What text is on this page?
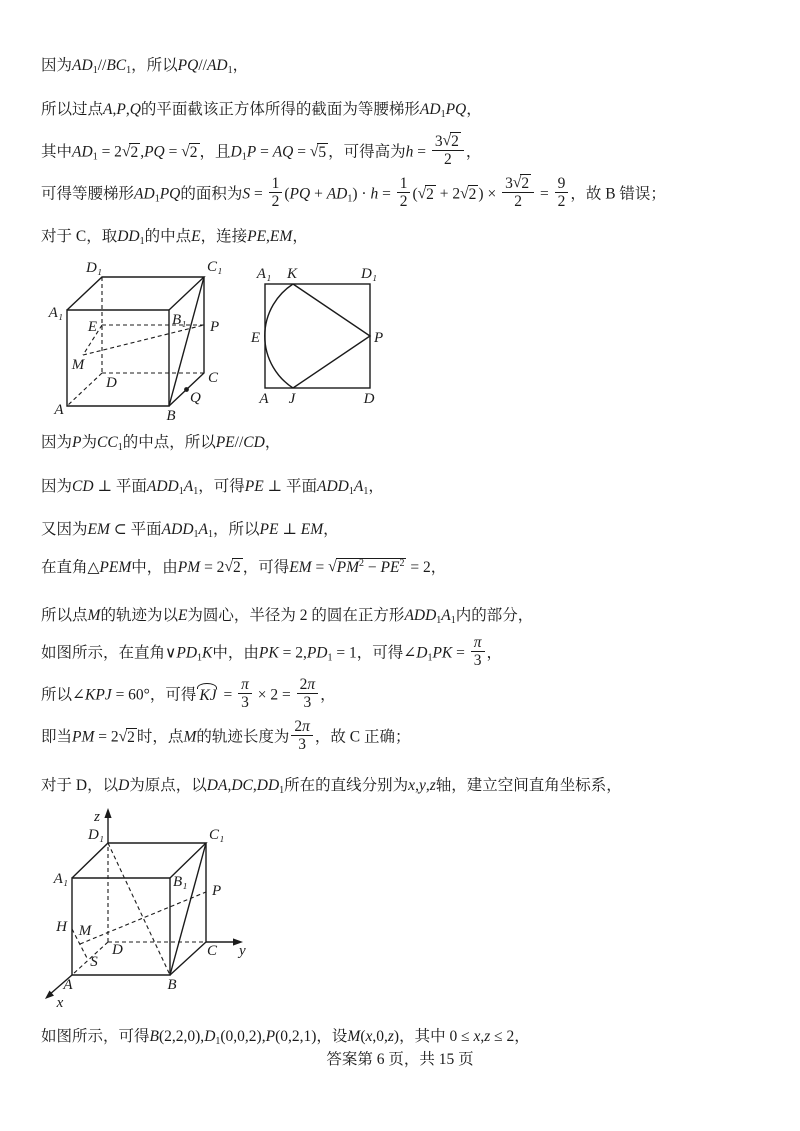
因为$AD_1//BC_1$，所以$PQ//AD_1$，
所以过点A,P,Q的平面截该正方体所得的截面为等腰梯形$AD_1PQ$，
其中$AD_1 = 2√2$ ,PQ = √2 ，且$D_1P$ = AQ = √5 ，可得高为$h = \frac{3√2}{2}$ ，
可得等腰梯形$AD_1PQ$的面积为$S = \frac{1}{2} (PQ + AD_1) \cdot h = \frac{1}{2} (√2 + 2√2$ ) × $\frac{3√2}{2} = \frac{9}{2}$ ，故 B 错误；
对于 C，取$DD_1$的中点E，连接PE,EM，
D₁	C₁
A₁	B₁
E	P
M
D	C
Q
A	B
A₁ K	D₁
E	P
A J	D
因为P为$CC_1$的中点，所以PE//CD，
因为CD ⊥ 平面$ADD_1A_1$，可得PE ⊥ 平面$ADD_1A_1$，
又因为EM ⊂ 平面$ADD_1A_1$，所以PE ⊥ EM，
在直角△PEM中，由PM = 2√2 ，可得EM = $√PM^2 - PE^2 = 2$，
所以点M的轨迹为以E为圆心，半径为 2 的圆在正方形$ADD_1A_1$内的部分，
如图所示，在直角$\vee PD_1K$中，由PK = $2,PD_1 = 1$，可得$\angle D_1PK = \frac{\pi}{3}$ ，
所以∠KPJ = 60°，可得 KJ = $\frac{\pi}{3} \times 2 = \frac{2\pi}{3}$ ，
即当PM = 2√2 时，点M的轨迹长度为 $\frac{2\pi}{3}$ ，故 C 正确；
对于 D，以D为原点，以$DA,DC,DD_1$所在的直线分别为x,y,z轴，建立空间直角坐标系，
z
D₁	C₁
A₁	B₁
P
H M
D	C y
S
A	B
x
如图所示，可得$B(2,2,0),D_1(0,0,2),P(0,2,1)$，设M(x,0,z)，其中 0 ≤ x,z ≤ 2，
答案第 6 页，共 15 页
